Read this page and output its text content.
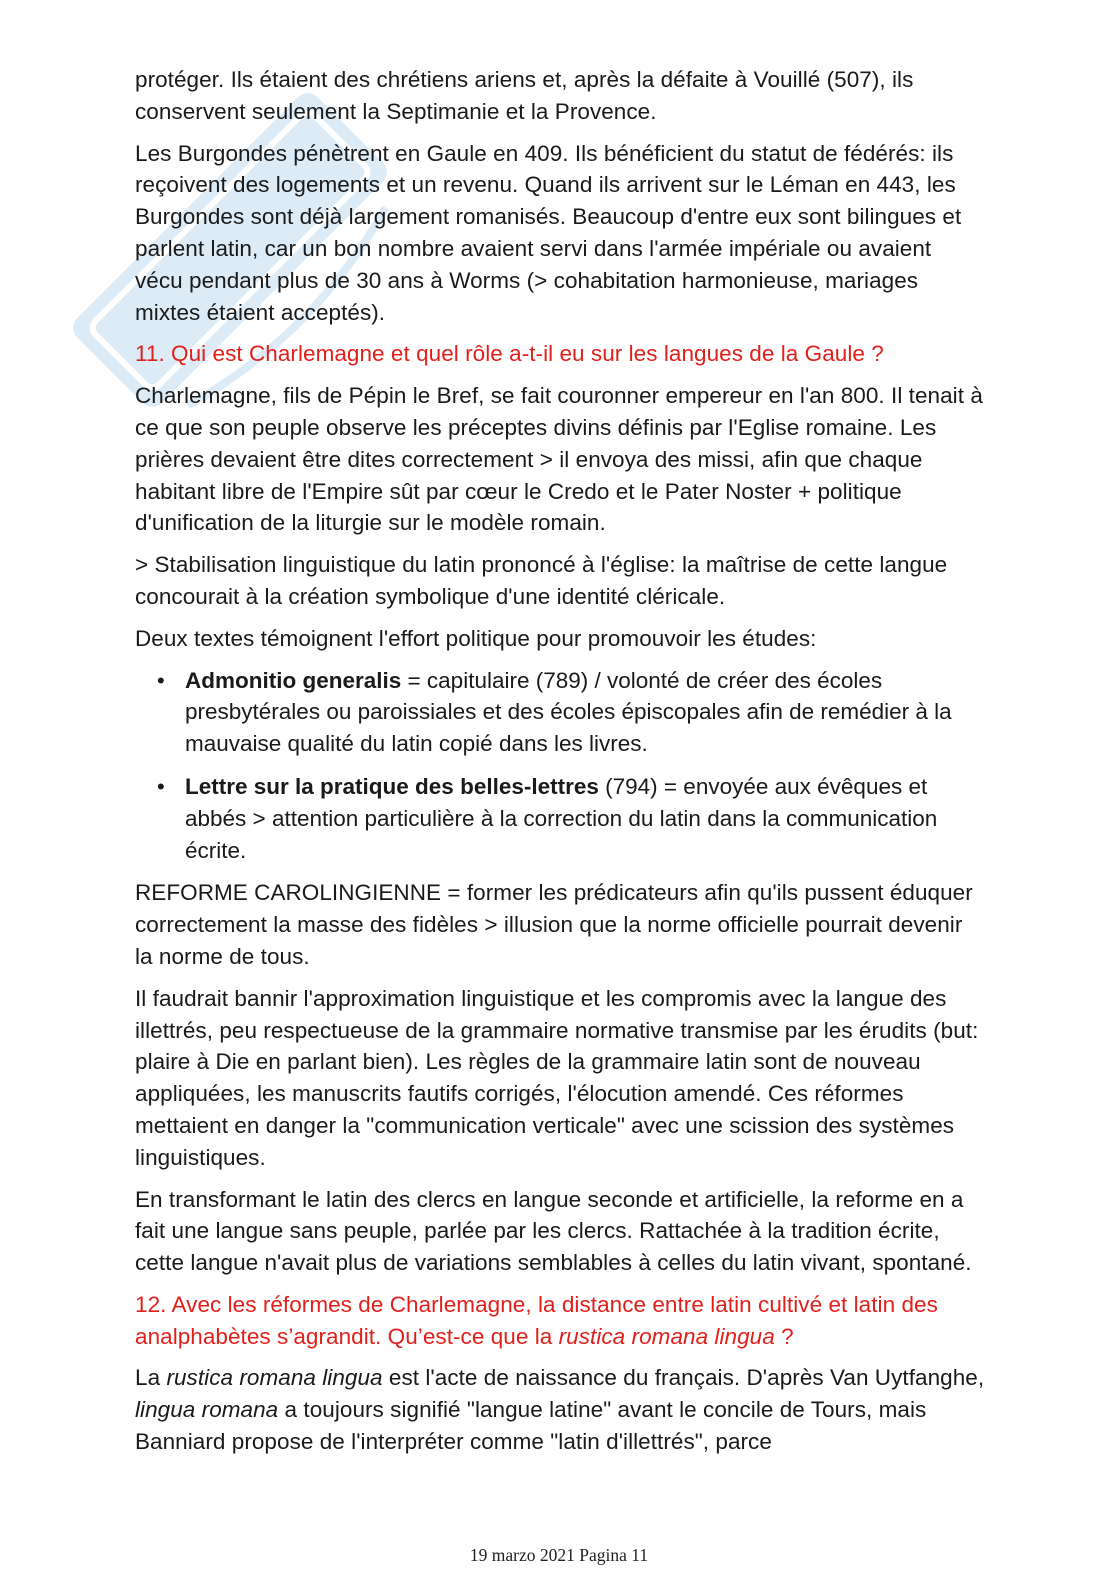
protéger. Ils étaient des chrétiens ariens et, après la défaite à Vouillé (507), ils conservent seulement la Septimanie et la Provence.

Les Burgondes pénètrent en Gaule en 409. Ils bénéficient du statut de fédérés: ils reçoivent des logements et un revenu. Quand ils arrivent sur le Léman en 443, les Burgondes sont déjà largement romanisés. Beaucoup d'entre eux sont bilingues et parlent latin, car un bon nombre avaient servi dans l'armée impériale ou avaient vécu pendant plus de 30 ans à Worms (> cohabitation harmonieuse, mariages mixtes étaient acceptés).

11. Qui est Charlemagne et quel rôle a-t-il eu sur les langues de la Gaule ?

Charlemagne, fils de Pépin le Bref, se fait couronner empereur en l'an 800. Il tenait à ce que son peuple observe les préceptes divins définis par l'Eglise romaine. Les prières devaient être dites correctement > il envoya des missi, afin que chaque habitant libre de l'Empire sût par cœur le Credo et le Pater Noster + politique d'unification de la liturgie sur le modèle romain.

> Stabilisation linguistique du latin prononcé à l'église: la maîtrise de cette langue concourait à la création symbolique d'une identité cléricale.

Deux textes témoignent l'effort politique pour promouvoir les études:

• Admonitio generalis = capitulaire (789) / volonté de créer des écoles presbytérales ou paroissiales et des écoles épiscopales afin de remédier à la mauvaise qualité du latin copié dans les livres.
• Lettre sur la pratique des belles-lettres (794) = envoyée aux évêques et abbés > attention particulière à la correction du latin dans la communication écrite.

REFORME CAROLINGIENNE = former les prédicateurs afin qu'ils pussent éduquer correctement la masse des fidèles > illusion que la norme officielle pourrait devenir la norme de tous.

Il faudrait bannir l'approximation linguistique et les compromis avec la langue des illettrés, peu respectueuse de la grammaire normative transmise par les érudits (but: plaire à Die en parlant bien). Les règles de la grammaire latin sont de nouveau appliquées, les manuscrits fautifs corrigés, l'élocution amendé. Ces réformes mettaient en danger la "communication verticale" avec une scission des systèmes linguistiques.

En transformant le latin des clercs en langue seconde et artificielle, la reforme en a fait une langue sans peuple, parlée par les clercs. Rattachée à la tradition écrite, cette langue n'avait plus de variations semblables à celles du latin vivant, spontané.

12. Avec les réformes de Charlemagne, la distance entre latin cultivé et latin des analphabètes s’agrandit. Qu’est-ce que la rustica romana lingua ?

La rustica romana lingua est l'acte de naissance du français. D'après Van Uytfanghe, lingua romana a toujours signifié "langue latine" avant le concile de Tours, mais Banniard propose de l'interpréter comme "latin d'illettrés", parce

19 marzo 2021 Pagina 11
